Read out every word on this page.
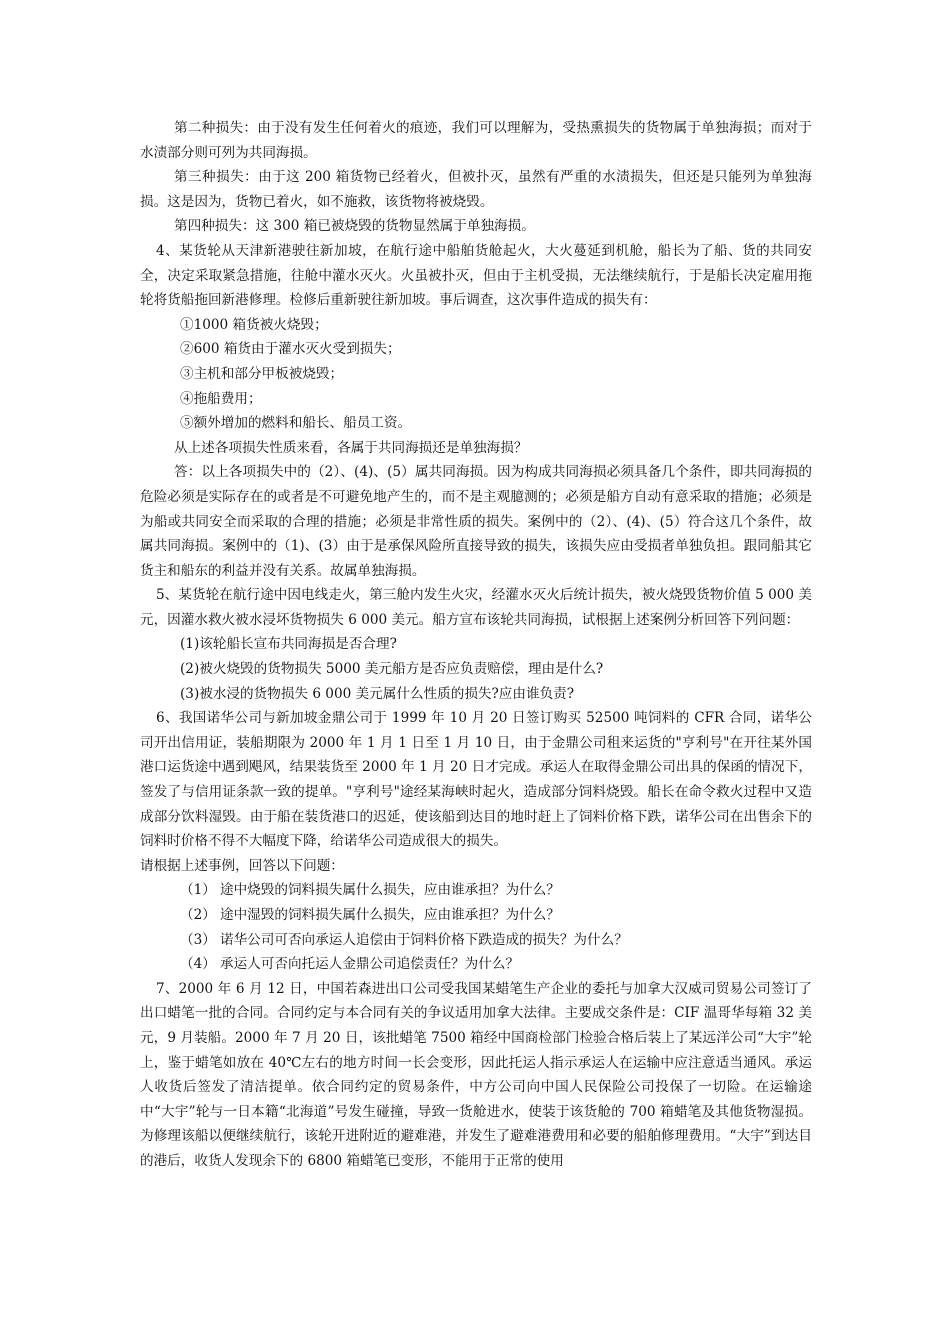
第二种损失：由于没有发生任何着火的痕迹，我们可以理解为，受热熏损失的货物属于单独海损；而对于水渍部分则可列为共同海损。

第三种损失：由于这 200 箱货物已经着火，但被扑灭，虽然有严重的水渍损失，但还是只能列为单独海损。这是因为，货物已着火，如不施救，该货物将被烧毁。

第四种损失：这 300 箱已被烧毁的货物显然属于单独海损。

4、某货轮从天津新港驶往新加坡，在航行途中船舶货舱起火，大火蔓延到机舱，船长为了船、货的共同安全，决定采取紧急措施，往舱中灌水灭火。火虽被扑灭，但由于主机受损，无法继续航行，于是船长决定雇用拖轮将货船拖回新港修理。检修后重新驶往新加坡。事后调查，这次事件造成的损失有：

①1000 箱货被火烧毁；

②600 箱货由于灌水灭火受到损失；

③主机和部分甲板被烧毁；

④拖船费用；

⑤额外增加的燃料和船长、船员工资。

从上述各项损失性质来看，各属于共同海损还是单独海损？

答：以上各项损失中的（2）、(4)、(5）属共同海损。因为构成共同海损必须具备几个条件，即共同海损的危险必须是实际存在的或者是不可避免地产生的，而不是主观臆测的；必须是船方自动有意采取的措施；必须是为船或共同安全而采取的合理的措施；必须是非常性质的损失。案例中的（2）、(4)、(5）符合这几个条件，故属共同海损。案例中的（1)、(3）由于是承保风险所直接导致的损失，该损失应由受损者单独负担。跟同船其它货主和船东的利益并没有关系。故属单独海损。

5、某货轮在航行途中因电线走火，第三舱内发生火灾，经灌水灭火后统计损失，被火烧毁货物价值 5 000 美元，因灌水救火被水浸坏货物损失 6 000 美元。船方宣布该轮共同海损，试根据上述案例分析回答下列问题：

(1)该轮船长宣布共同海损是否合理?

(2)被火烧毁的货物损失 5000 美元船方是否应负责赔偿，理由是什么?

(3)被水浸的货物损失 6 000 美元属什么性质的损失?应由谁负责?

6、我国诺华公司与新加坡金鼎公司于 1999 年 10 月 20 日签订购买 52500 吨饲料的 CFR 合同，诺华公司开出信用证，装船期限为 2000 年 1 月 1 日至 1 月 10 日，由于金鼎公司租来运货的"亨利号"在开往某外国港口运货途中遇到飓风，结果装货至 2000 年 1 月 20 日才完成。承运人在取得金鼎公司出具的保函的情况下，签发了与信用证条款一致的提单。"亨利号"途经某海峡时起火，造成部分饲料烧毁。船长在命令救火过程中又造成部分饮料湿毁。由于船在装货港口的迟延，使该船到达目的地时赶上了饲料价格下跌，诺华公司在出售余下的饲料时价格不得不大幅度下降，给诺华公司造成很大的损失。

请根据上述事例，回答以下问题：

（1） 途中烧毁的饲料损失属什么损失，应由谁承担？为什么？

（2） 途中湿毁的饲料损失属什么损失，应由谁承担？为什么？

（3） 诺华公司可否向承运人追偿由于饲料价格下跌造成的损失？为什么？

（4） 承运人可否向托运人金鼎公司追偿责任？为什么？

7、2000 年 6 月 12 日，中国若森进出口公司受我国某蜡笔生产企业的委托与加拿大汉威司贸易公司签订了出口蜡笔一批的合同。合同约定与本合同有关的争议适用加拿大法律。主要成交条件是：CIF 温哥华每箱 32 美元，9 月装船。2000 年 7 月 20 日，该批蜡笔 7500 箱经中国商检部门检验合格后装上了某远洋公司“大宇”轮上，鉴于蜡笔如放在 40℃左右的地方时间一长会变形，因此托运人指示承运人在运输中应注意适当通风。承运人收货后签发了清洁提单。依合同约定的贸易条件，中方公司向中国人民保险公司投保了一切险。在运输途中“大宇”轮与一日本籍“北海道”号发生碰撞，导致一货舱进水，使装于该货舱的 700 箱蜡笔及其他货物湿损。为修理该船以便继续航行，该轮开进附近的避难港，并发生了避难港费用和必要的船舶修理费用。“大宇”到达目的港后，收货人发现余下的 6800 箱蜡笔已变形，不能用于正常的使用
